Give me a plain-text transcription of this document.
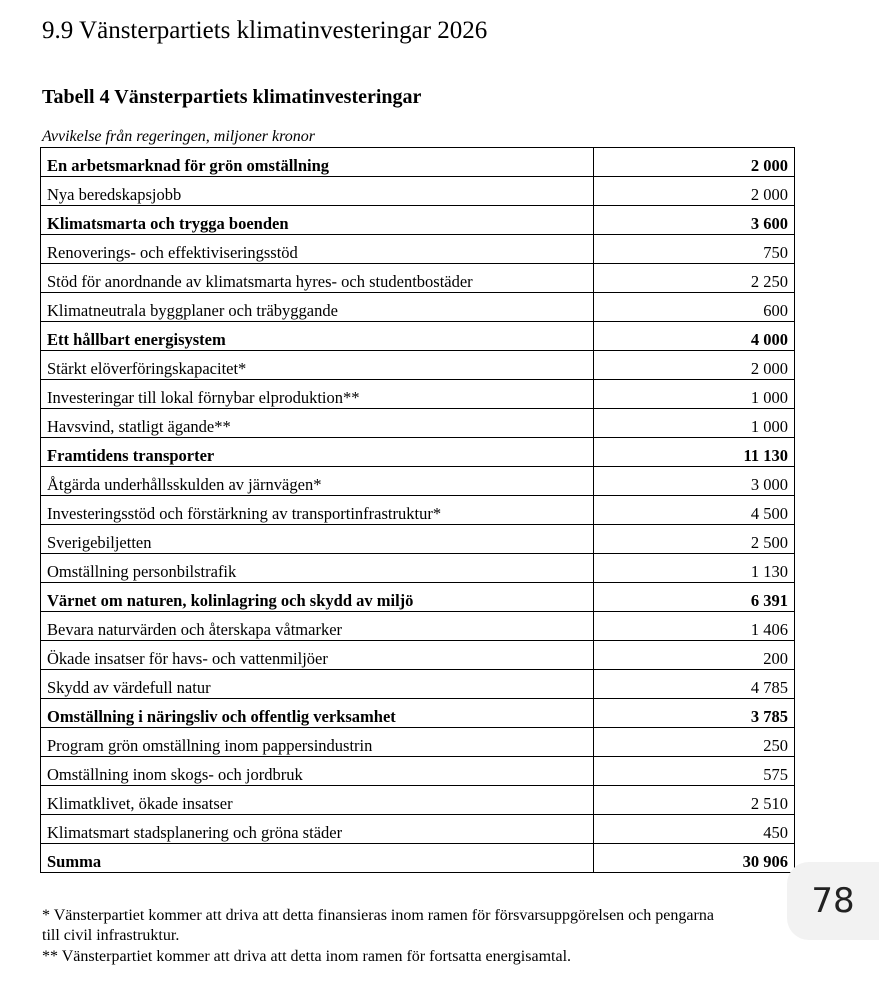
9.9 Vänsterpartiets klimatinvesteringar 2026
Tabell 4 Vänsterpartiets klimatinvesteringar
Avvikelse från regeringen, miljoner kronor
En arbetsmarknad för grön omställning	2 000
Nya beredskapsjobb	2 000
Klimatsmarta och trygga boenden	3 600
Renoverings- och effektiviseringsstöd	750
Stöd för anordnande av klimatsmarta hyres- och studentbostäder	2 250
Klimatneutrala byggplaner och träbyggande	600
Ett hållbart energisystem	4 000
Stärkt elöverföringskapacitet*	2 000
Investeringar till lokal förnybar elproduktion**	1 000
Havsvind, statligt ägande**	1 000
Framtidens transporter	11 130
Åtgärda underhållsskulden av järnvägen*	3 000
Investeringsstöd och förstärkning av transportinfrastruktur*	4 500
Sverigebiljetten	2 500
Omställning personbilstrafik	1 130
Värnet om naturen, kolinlagring och skydd av miljö	6 391
Bevara naturvärden och återskapa våtmarker	1 406
Ökade insatser för havs- och vattenmiljöer	200
Skydd av värdefull natur	4 785
Omställning i näringsliv och offentlig verksamhet	3 785
Program grön omställning inom pappersindustrin	250
Omställning inom skogs- och jordbruk	575
Klimatklivet, ökade insatser	2 510
Klimatsmart stadsplanering och gröna städer	450
Summa	30 906
* Vänsterpartiet kommer att driva att detta finansieras inom ramen för försvarsuppgörelsen och pengarna
till civil infrastruktur.
** Vänsterpartiet kommer att driva att detta inom ramen för fortsatta energisamtal.
78
